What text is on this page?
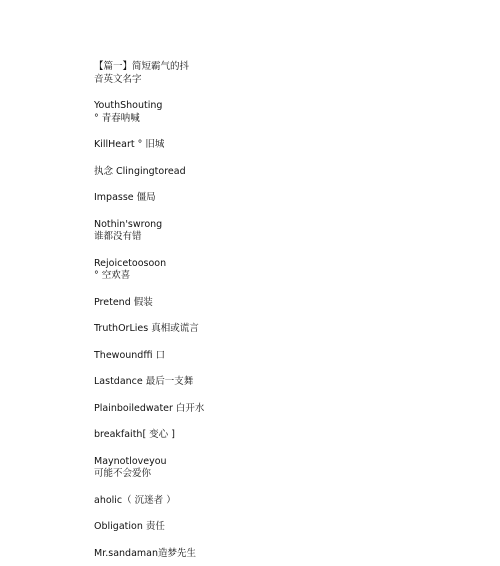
【篇一】简短霸气的抖

音英文名字

YouthShouting

° 青春呐喊

KillHeart ° 旧城

执念 Clingingtoread

Impasse 僵局

Nothin'swrong

谁都没有错

Rejoicetoosoon

° 空欢喜

Pretend 假装

TruthOrLies 真相或谎言

Thewoundffi 口

Lastdance 最后一支舞

Plainboiledwater 白开水

breakfaith[ 变心 ]

Maynotloveyou

可能不会爱你

aholic（ 沉迷者 ）

Obligation 责任

Mr.sandaman造梦先生
